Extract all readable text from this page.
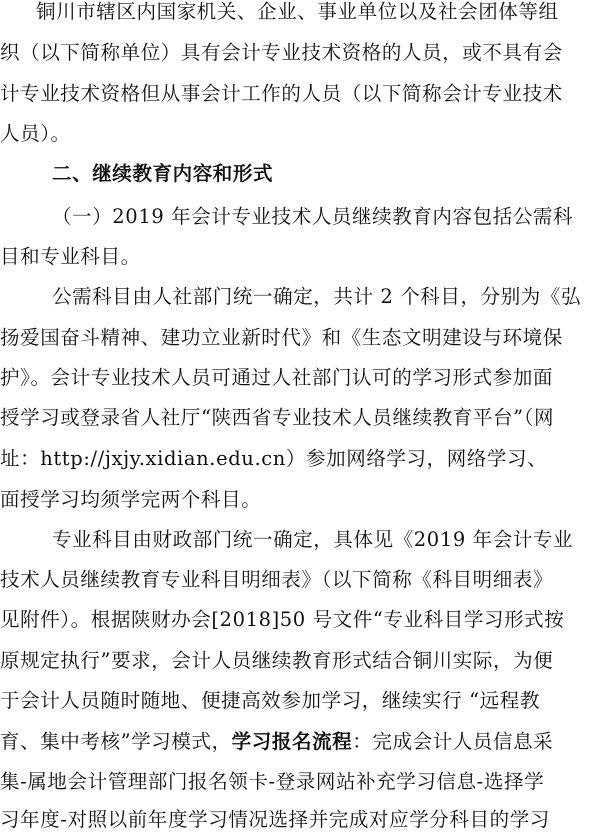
铜川市辖区内国家机关、企业、事业单位以及社会团体等组
织（以下简称单位）具有会计专业技术资格的人员，或不具有会
计专业技术资格但从事会计工作的人员（以下简称会计专业技术
人员）。
二、继续教育内容和形式
（一）2019 年会计专业技术人员继续教育内容包括公需科
目和专业科目。
公需科目由人社部门统一确定，共计 2 个科目，分别为《弘
扬爱国奋斗精神、建功立业新时代》和《生态文明建设与环境保
护》。会计专业技术人员可通过人社部门认可的学习形式参加面
授学习或登录省人社厅“陕西省专业技术人员继续教育平台”（网
址：http://jxjy.xidian.edu.cn）参加网络学习，网络学习、
面授学习均须学完两个科目。
专业科目由财政部门统一确定，具体见《2019 年会计专业
技术人员继续教育专业科目明细表》（以下简称《科目明细表》
见附件）。根据陕财办会[2018]50 号文件“专业科目学习形式按
原规定执行”要求，会计人员继续教育形式结合铜川实际，为便
于会计人员随时随地、便捷高效参加学习，继续实行 “远程教
育、集中考核”学习模式，学习报名流程：完成会计人员信息采
集-属地会计管理部门报名领卡-登录网站补充学习信息-选择学
习年度-对照以前年度学习情况选择并完成对应学分科目的学习
